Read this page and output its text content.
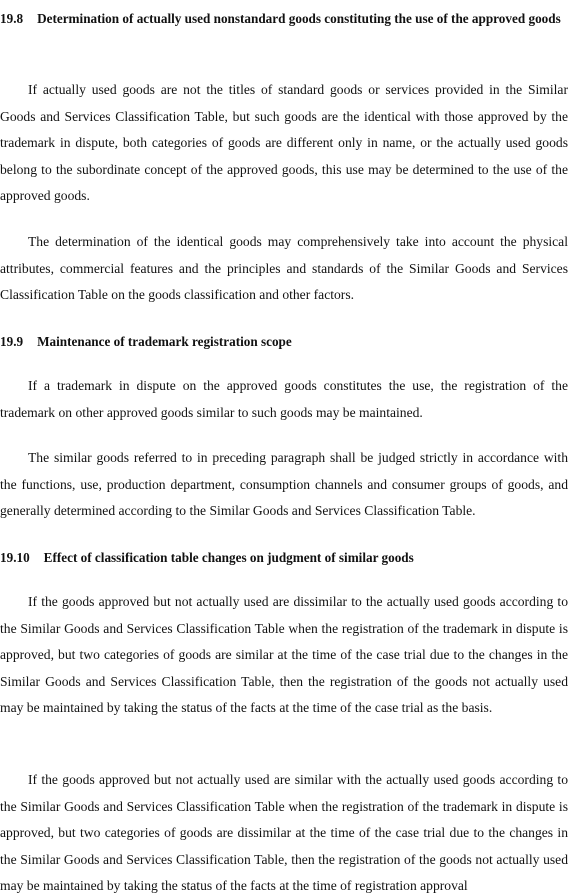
19.8 Determination of actually used nonstandard goods constituting the use of the approved goods

If actually used goods are not the titles of standard goods or services provided in the Similar Goods and Services Classification Table, but such goods are the identical with those approved by the trademark in dispute, both categories of goods are different only in name, or the actually used goods belong to the subordinate concept of the approved goods, this use may be determined to the use of the approved goods.

The determination of the identical goods may comprehensively take into account the physical attributes, commercial features and the principles and standards of the Similar Goods and Services Classification Table on the goods classification and other factors.

19.9 Maintenance of trademark registration scope

If a trademark in dispute on the approved goods constitutes the use, the registration of the trademark on other approved goods similar to such goods may be maintained.

The similar goods referred to in preceding paragraph shall be judged strictly in accordance with the functions, use, production department, consumption channels and consumer groups of goods, and generally determined according to the Similar Goods and Services Classification Table.

19.10 Effect of classification table changes on judgment of similar goods

If the goods approved but not actually used are dissimilar to the actually used goods according to the Similar Goods and Services Classification Table when the registration of the trademark in dispute is approved, but two categories of goods are similar at the time of the case trial due to the changes in the Similar Goods and Services Classification Table, then the registration of the goods not actually used may be maintained by taking the status of the facts at the time of the case trial as the basis.

If the goods approved but not actually used are similar with the actually used goods according to the Similar Goods and Services Classification Table when the registration of the trademark in dispute is approved, but two categories of goods are dissimilar at the time of the case trial due to the changes in the Similar Goods and Services Classification Table, then the registration of the goods not actually used may be maintained by taking the status of the facts at the time of registration approval
